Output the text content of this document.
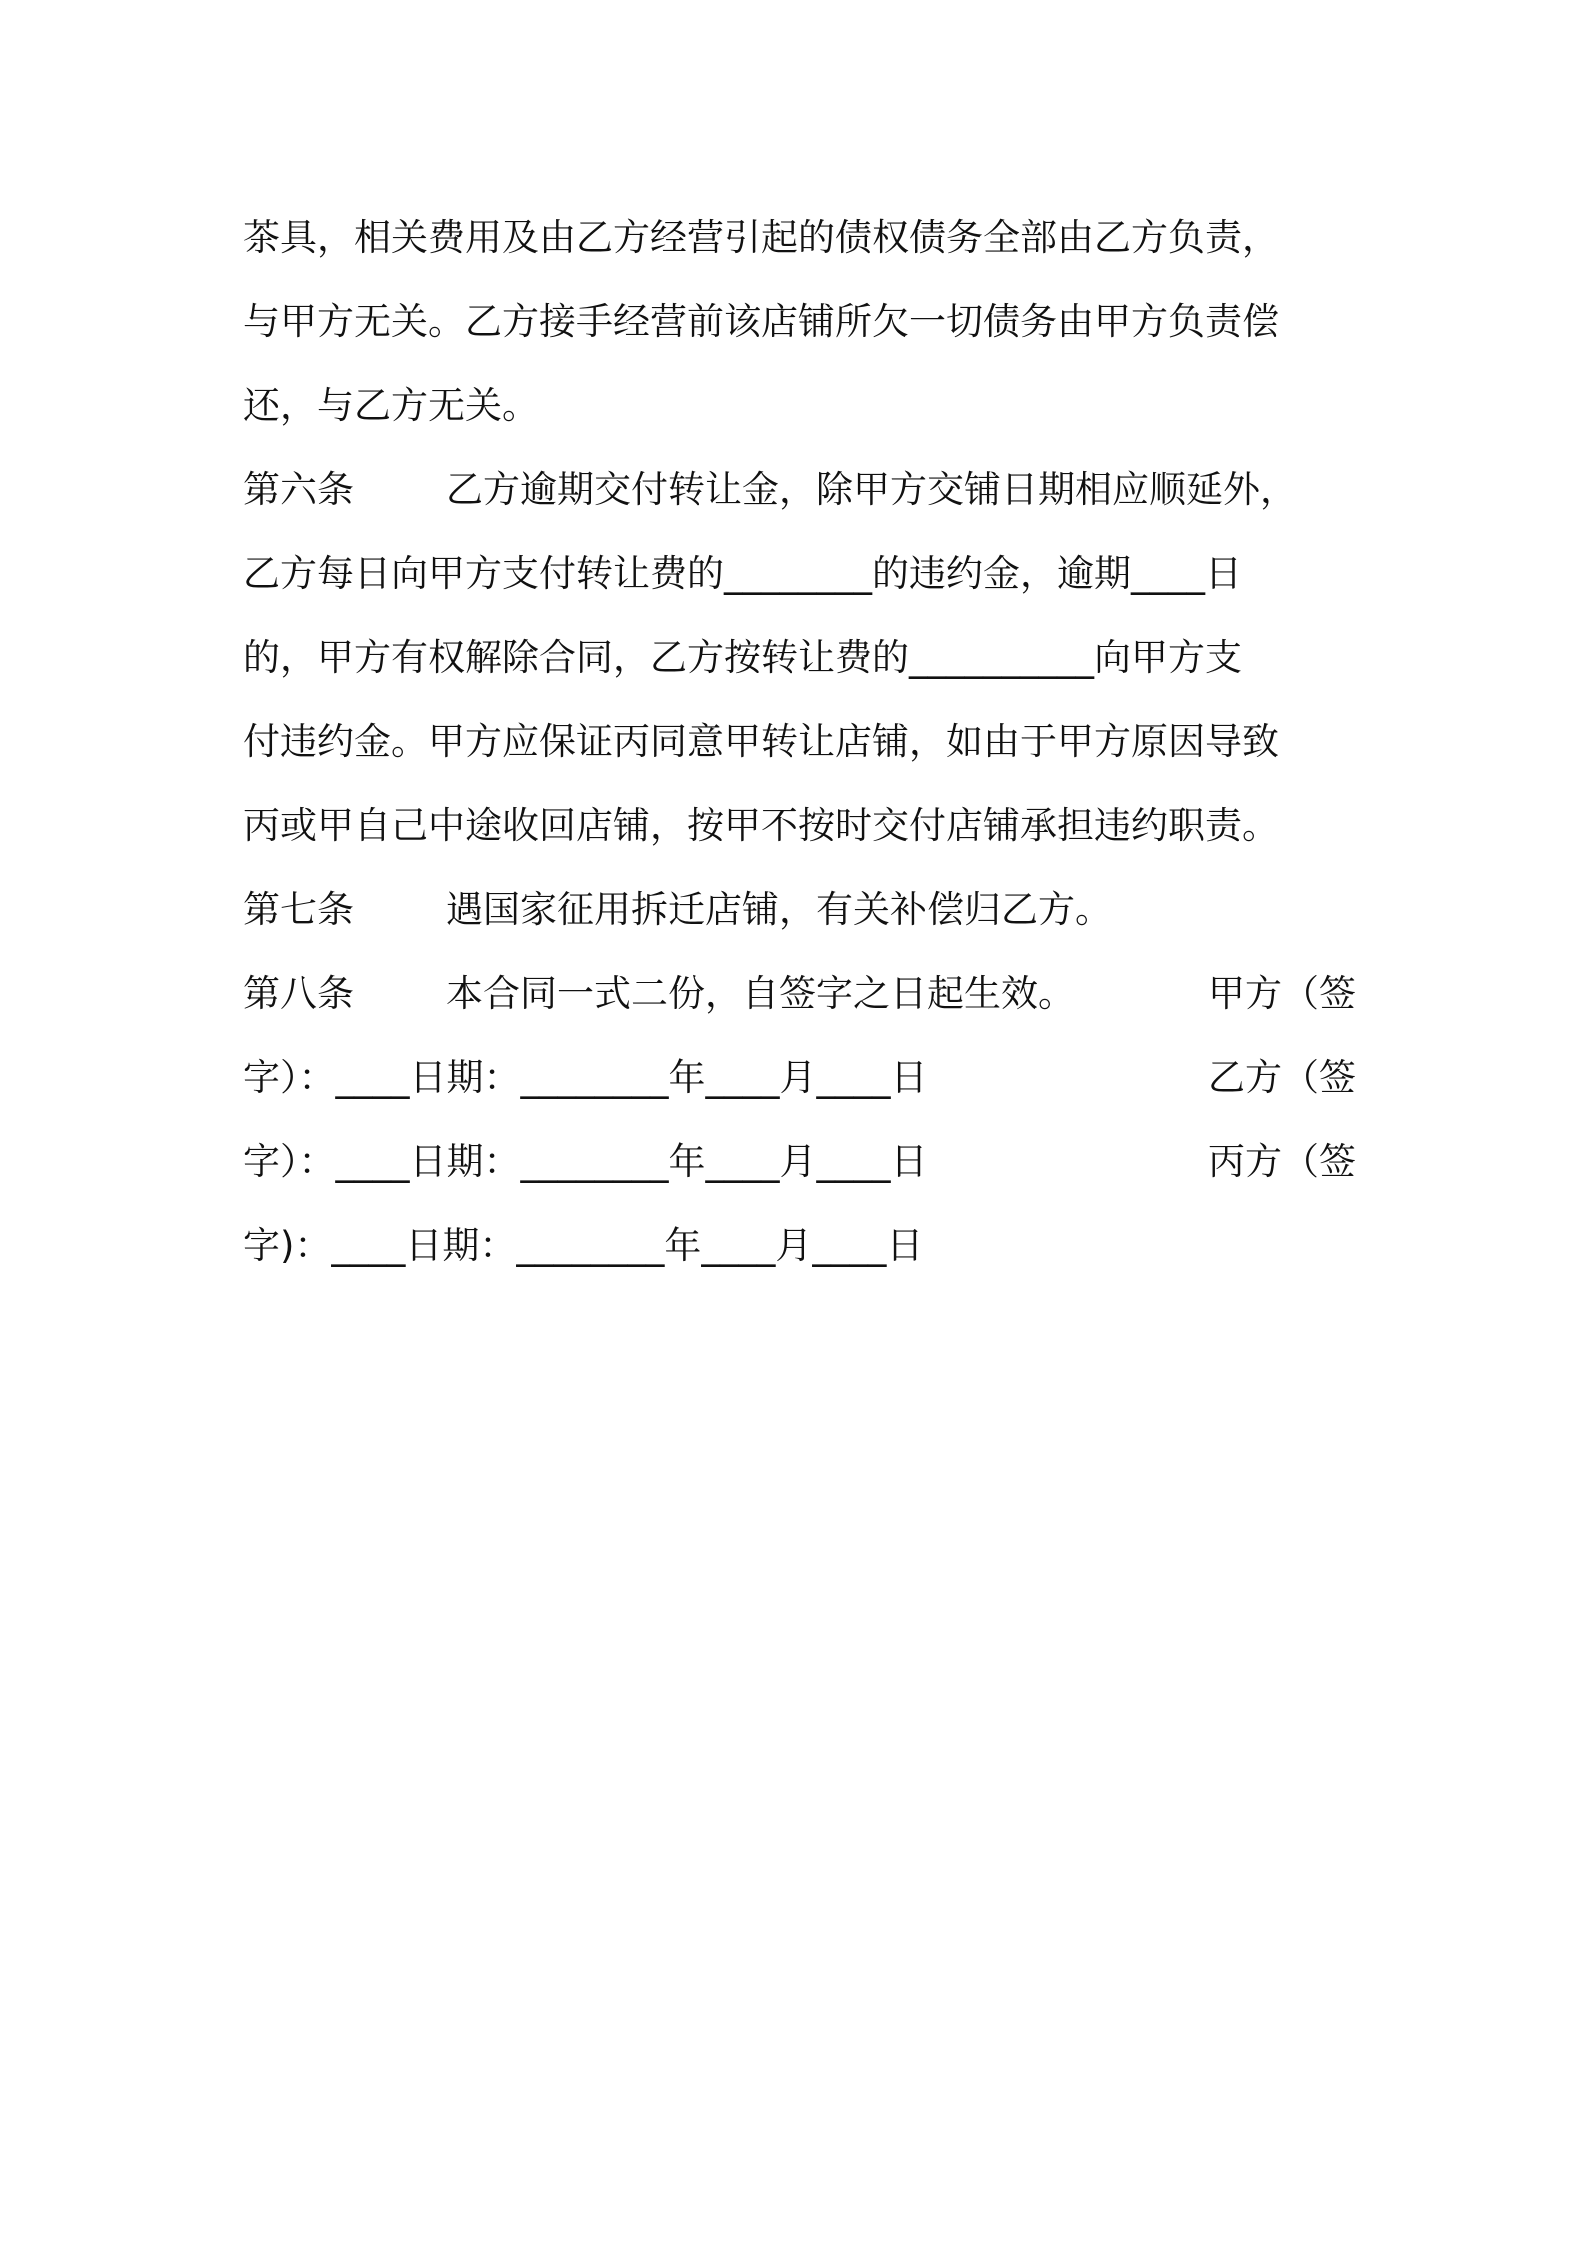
茶具，相关费用及由乙方经营引起的债权债务全部由乙方负责，
与甲方无关。乙方接手经营前该店铺所欠一切债务由甲方负责偿
还，与乙方无关。
第六条 乙方逾期交付转让金，除甲方交铺日期相应顺延外，
乙方每日向甲方支付转让费的________的违约金，逾期____日
的，甲方有权解除合同，乙方按转让费的__________向甲方支
付违约金。甲方应保证丙同意甲转让店铺，如由于甲方原因导致
丙或甲自己中途收回店铺，按甲不按时交付店铺承担违约职责。
第七条 遇国家征用拆迁店铺，有关补偿归乙方。
第八条 本合同一式二份，自签字之日起生效。	甲方（签
字）：____日期：________年____月____日	乙方（签
字）：____日期：________年____月____日	丙方（签
字)：____日期：________年____月____日
